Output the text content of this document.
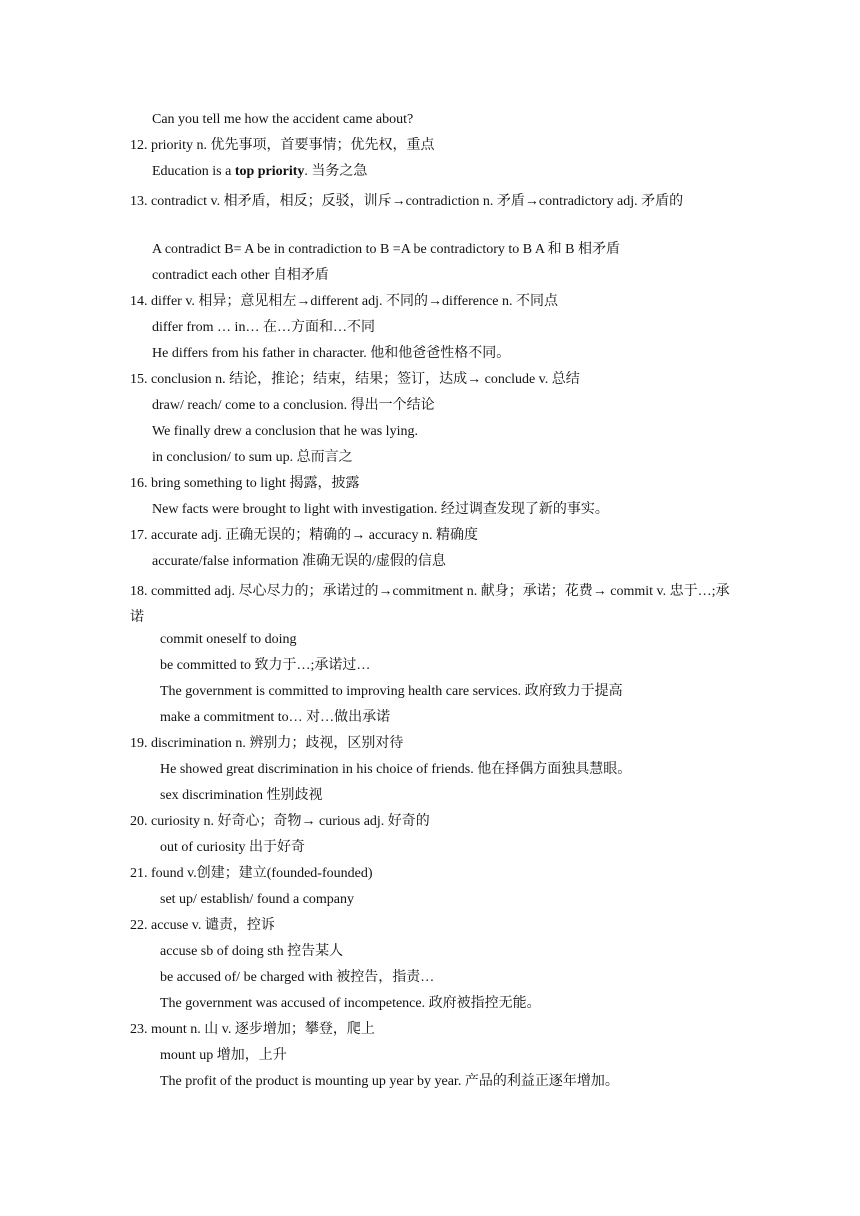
Can you tell me how the accident came about?
12. priority n. 优先事项，首要事情；优先权，重点
Education is a top priority. 当务之急
13. contradict v. 相矛盾，相反；反驳，训斥→contradiction n. 矛盾→contradictory adj. 矛盾的
A contradict B= A be in contradiction to B =A be contradictory to B A 和 B 相矛盾
contradict each other 自相矛盾
14. differ v. 相异；意见相左→different adj. 不同的→difference n. 不同点
differ from … in… 在…方面和…不同
He differs from his father in character. 他和他爸爸性格不同。
15. conclusion n. 结论，推论；结束，结果；签订，达成→ conclude v. 总结
draw/ reach/ come to a conclusion. 得出一个结论
We finally drew a conclusion that he was lying.
in conclusion/ to sum up. 总而言之
16. bring something to light 揭露，披露
New facts were brought to light with investigation. 经过调查发现了新的事实。
17. accurate adj. 正确无误的；精确的→ accuracy n. 精确度
accurate/false information 准确无误的/虚假的信息
18. committed adj. 尽心尽力的；承诺过的→commitment n. 献身；承诺；花费→ commit v. 忠于…;承诺
commit oneself to doing
be committed to 致力于…;承诺过…
The government is committed to improving health care services. 政府致力于提高
make a commitment to… 对…做出承诺
19. discrimination n. 辨别力；歧视，区别对待
He showed great discrimination in his choice of friends. 他在择偶方面独具慧眼。
sex discrimination 性别歧视
20. curiosity n. 好奇心；奇物→ curious adj. 好奇的
out of curiosity 出于好奇
21. found v.创建；建立(founded-founded)
set up/ establish/ found a company
22. accuse v. 谴责，控诉
accuse sb of doing sth 控告某人
be accused of/ be charged with 被控告，指责…
The government was accused of incompetence. 政府被指控无能。
23. mount n. 山 v. 逐步增加；攀登，爬上
mount up 增加，上升
The profit of the product is mounting up year by year. 产品的利益正逐年增加。
